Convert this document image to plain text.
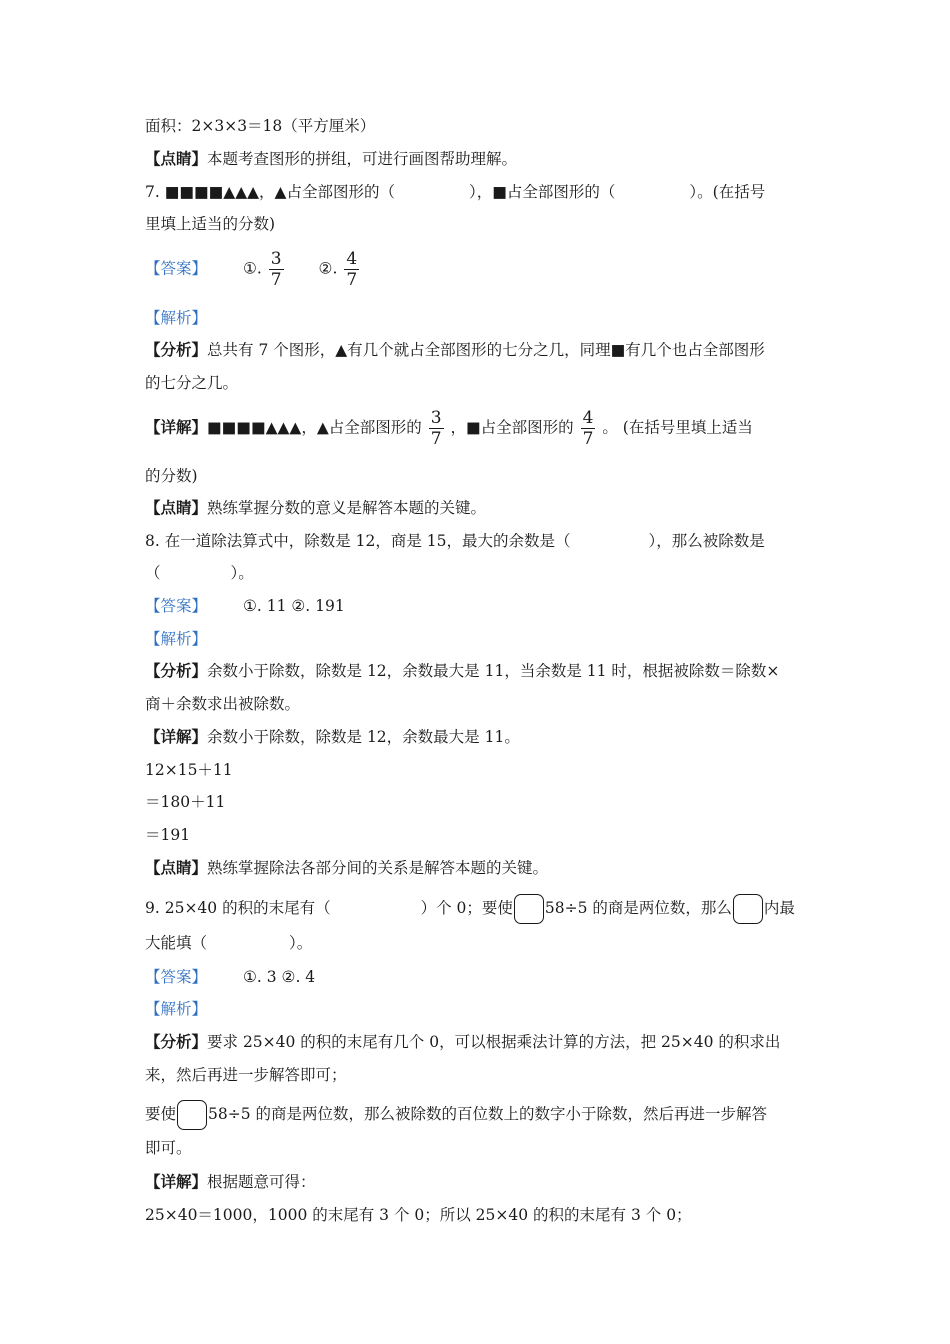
面积：2×3×3＝18（平方厘米）
【点睛】本题考查图形的拼组，可进行画图帮助理解。
7. ■■■■▲▲▲，▲占全部图形的（	），■占全部图形的（	）。(在括号
里填上适当的分数)
【答案】 ①. $\frac{3}{7}$ ②. $\frac{4}{7}$
【解析】
【分析】总共有 7 个图形，▲有几个就占全部图形的七分之几，同理■有几个也占全部图形
的七分之几。
【详解】■■■■▲▲▲，▲占全部图形的 $\frac{3}{7}$ ，■占全部图形的 $\frac{4}{7}$ 。 (在括号里填上适当
的分数)
【点睛】熟练掌握分数的意义是解答本题的关键。
8. 在一道除法算式中，除数是 12，商是 15，最大的余数是（	），那么被除数是
（	）。
【答案】 ①. 11 ②. 191
【解析】
【分析】余数小于除数，除数是 12，余数最大是 11，当余数是 11 时，根据被除数＝除数×
商＋余数求出被除数。
【详解】余数小于除数，除数是 12，余数最大是 11。
12×15＋11
＝180＋11
＝191
【点睛】熟练掌握除法各部分间的关系是解答本题的关键。
9. 25×40 的积的末尾有（	）个 0；要使 58÷5 的商是两位数，那么 内最
大能填（	）。
【答案】 ①. 3 ②. 4
【解析】
【分析】要求 25×40 的积的末尾有几个 0，可以根据乘法计算的方法，把 25×40 的积求出
来，然后再进一步解答即可；
要使 58÷5 的商是两位数，那么被除数的百位数上的数字小于除数，然后再进一步解答
即可。
【详解】根据题意可得：
25×40＝1000，1000 的末尾有 3 个 0；所以 25×40 的积的末尾有 3 个 0；
